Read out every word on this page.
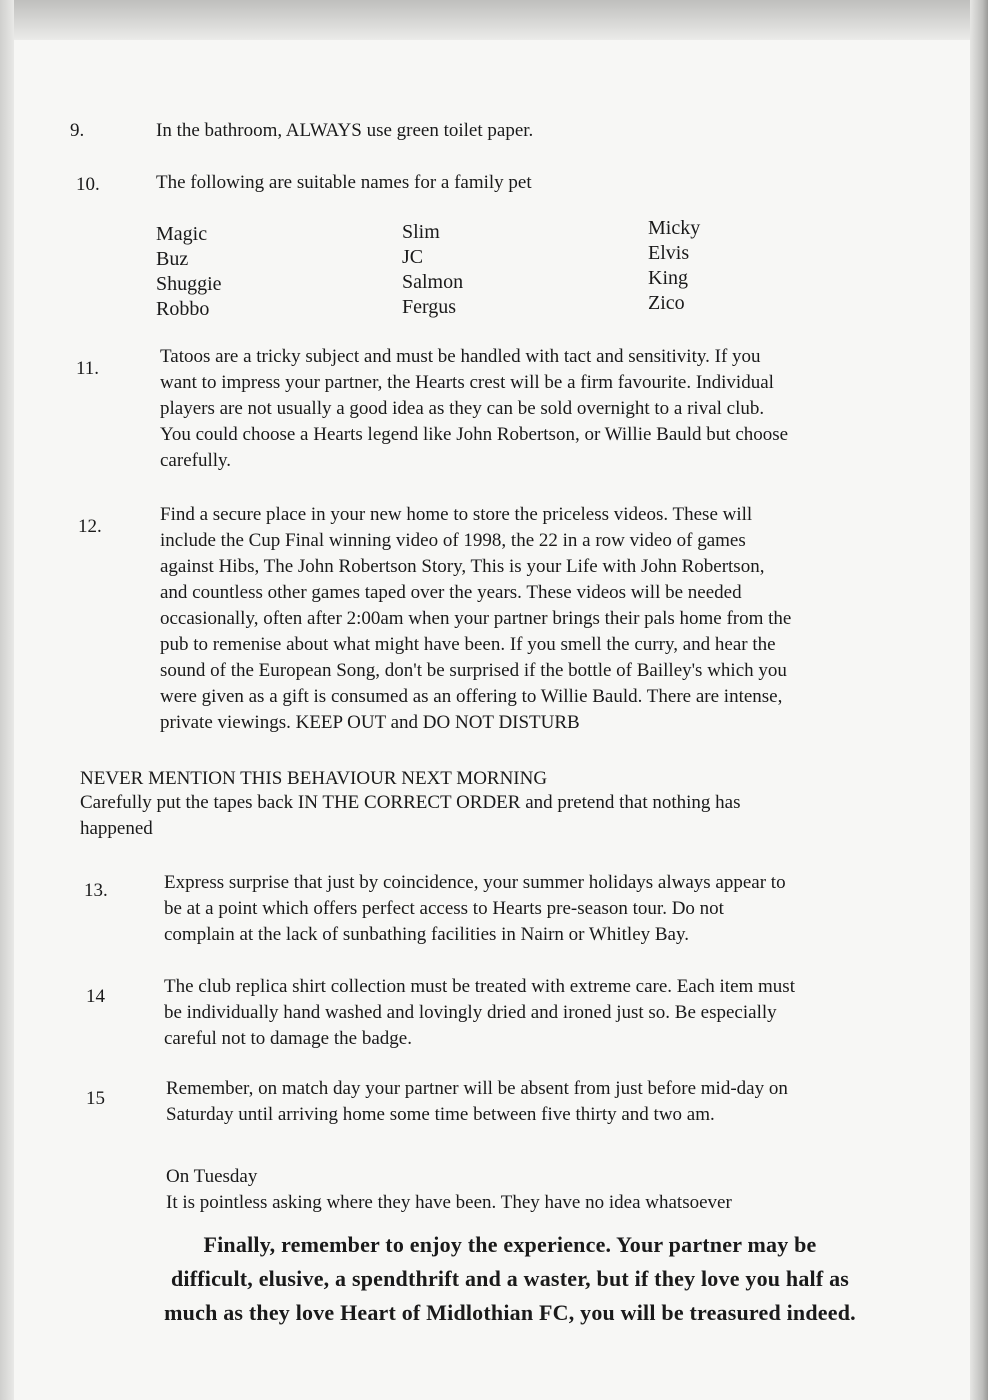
9.	In the bathroom, ALWAYS use green toilet paper.
10.	The following are suitable names for a family pet
Magic
Buz
Shuggie
Robbo
Slim
JC
Salmon
Fergus
Micky
Elvis
King
Zico
11.
Tatoos are a tricky subject and must be handled with tact and sensitivity. If you
want to impress your partner, the Hearts crest will be a firm favourite. Individual
players are not usually a good idea as they can be sold overnight to a rival club.
You could choose a Hearts legend like John Robertson, or Willie Bauld but choose
carefully.
12.
Find a secure place in your new home to store the priceless videos. These will
include the Cup Final winning video of 1998, the 22 in a row video of games
against Hibs, The John Robertson Story, This is your Life with John Robertson,
and countless other games taped over the years. These videos will be needed
occasionally, often after 2:00am when your partner brings their pals home from the
pub to remenise about what might have been. If you smell the curry, and hear the
sound of the European Song, don't be surprised if the bottle of Bailley's which you
were given as a gift is consumed as an offering to Willie Bauld. There are intense,
private viewings. KEEP OUT and DO NOT DISTURB
NEVER MENTION THIS BEHAVIOUR NEXT MORNING
Carefully put the tapes back IN THE CORRECT ORDER and pretend that nothing has
happened
13.	Express surprise that just by coincidence, your summer holidays always appear to
be at a point which offers perfect access to Hearts pre-season tour. Do not
complain at the lack of sunbathing facilities in Nairn or Whitley Bay.
14	The club replica shirt collection must be treated with extreme care. Each item must
be individually hand washed and lovingly dried and ironed just so. Be especially
careful not to damage the badge.
15	Remember, on match day your partner will be absent from just before mid-day on
Saturday until arriving home some time between five thirty and two am.
On Tuesday
It is pointless asking where they have been. They have no idea whatsoever
Finally, remember to enjoy the experience. Your partner may be
difficult, elusive, a spendthrift and a waster, but if they love you half as
much as they love Heart of Midlothian FC, you will be treasured indeed.
